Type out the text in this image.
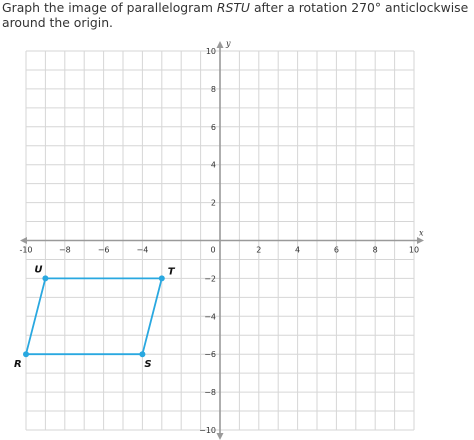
Graph the image of parallelogram RSTU after a rotation 270° anticlockwise around the origin.

x
y
-10	−8	−6	−4	0	2	4	6	8	10
10
8
6
4
2
−2
−4
−6
−8
−10
R	S
T
U
